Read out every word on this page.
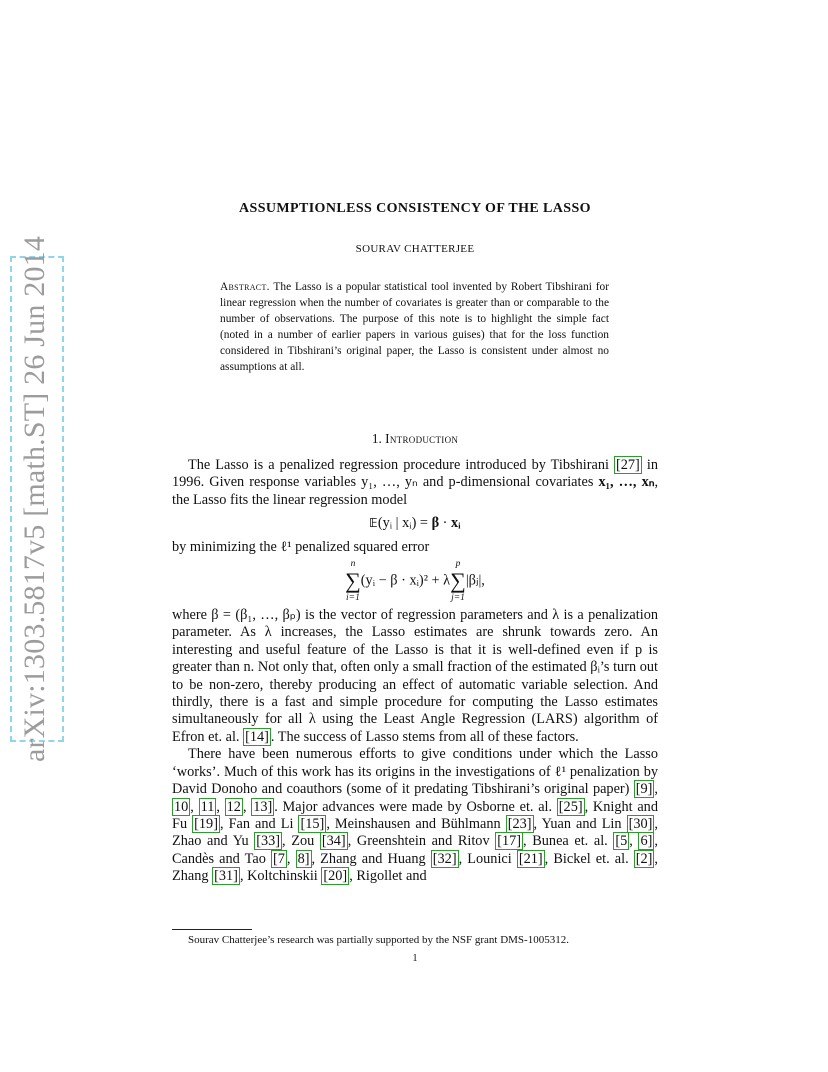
arXiv:1303.5817v5 [math.ST] 26 Jun 2014
ASSUMPTIONLESS CONSISTENCY OF THE LASSO
SOURAV CHATTERJEE
Abstract. The Lasso is a popular statistical tool invented by Robert Tibshirani for linear regression when the number of covariates is greater than or comparable to the number of observations. The purpose of this note is to highlight the simple fact (noted in a number of earlier papers in various guises) that for the loss function considered in Tibshirani’s original paper, the Lasso is consistent under almost no assumptions at all.
1. Introduction

The Lasso is a penalized regression procedure introduced by Tibshirani [27] in 1996. Given response variables y₁, …, yₙ and p-dimensional covariates x₁, …, xₙ, the Lasso fits the linear regression model

𝔼(yᵢ | xᵢ) = β · xᵢ

by minimizing the ℓ¹ penalized squared error

n
∑
i=1
(yᵢ − β · xᵢ)² + λ
p
∑
j=1
|βⱼ|,

where β = (β₁, …, βₚ) is the vector of regression parameters and λ is a penalization parameter. As λ increases, the Lasso estimates are shrunk towards zero. An interesting and useful feature of the Lasso is that it is well-defined even if p is greater than n. Not only that, often only a small fraction of the estimated βᵢ’s turn out to be non-zero, thereby producing an effect of automatic variable selection. And thirdly, there is a fast and simple procedure for computing the Lasso estimates simultaneously for all λ using the Least Angle Regression (LARS) algorithm of Efron et. al. [14] . The success of Lasso stems from all of these factors.

There have been numerous efforts to give conditions under which the Lasso ‘works’. Much of this work has its origins in the investigations of ℓ¹ penalization by David Donoho and coauthors (some of it predating Tibshirani’s original paper) [9] , 10 , 11 , 12 , 13] . Major advances were made by Osborne et. al. [25] , Knight and Fu [19] , Fan and Li [15] , Meinshausen and Bühlmann [23] , Yuan and Lin [30] , Zhao and Yu [33] , Zou [34] , Greenshtein and Ritov [17] , Bunea et. al. [5 , 6] , Candès and Tao [7 , 8] , Zhang and Huang [32] , Lounici [21] , Bickel et. al. [2] , Zhang [31] , Koltchinskii [20] , Rigollet and

Sourav Chatterjee’s research was partially supported by the NSF grant DMS-1005312.
1
